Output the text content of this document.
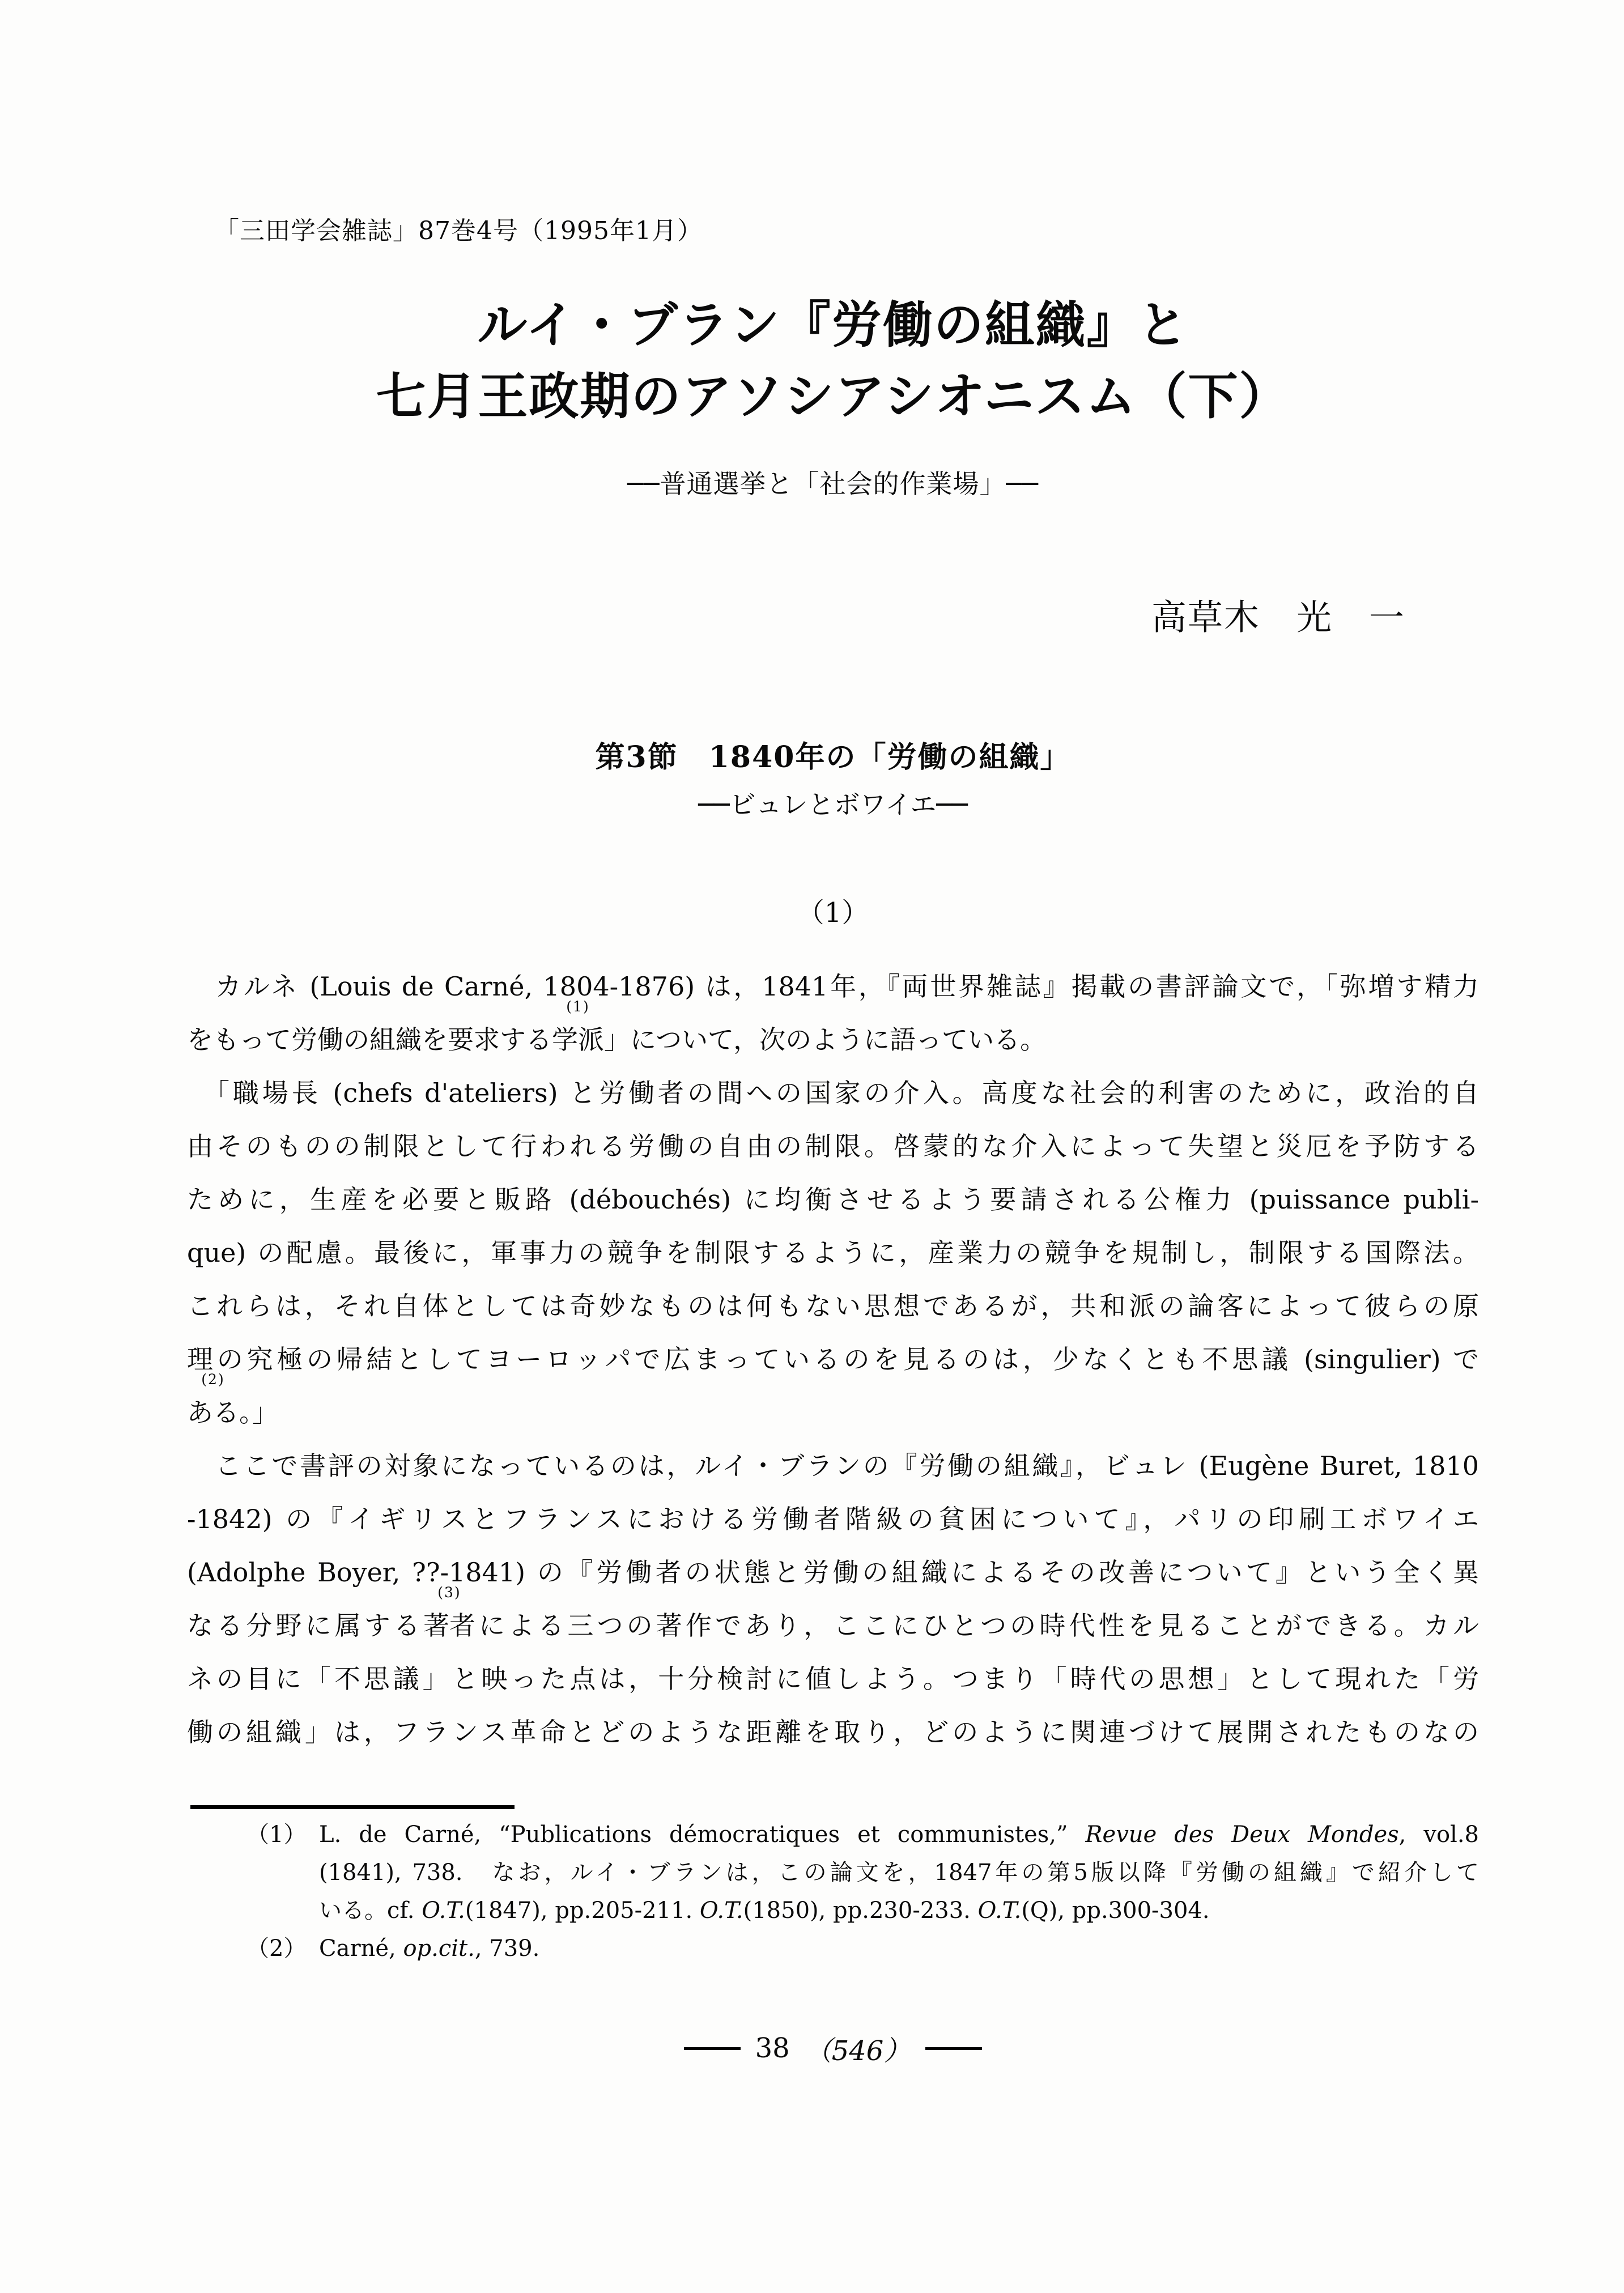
「三田学会雑誌」87巻4号（1995年1月）
ルイ・ブラン『労働の組織』と
七月王政期のアソシアシオニスム（下）
──普通選挙と「社会的作業場」──
高草木　光　一
第3節　1840年の「労働の組織」
──ビュレとボワイエ──
（1）
　カルネ (Louis de Carné, 1804-1876) は，1841年，『両世界雑誌』掲載の書評論文で，「弥増す精力
をもって労働の組織を要求する学派
(1)
」について，次のように語っている。
 「職場長 (chefs d'ateliers) と労働者の間への国家の介入。高度な社会的利害のために，政治的自
由そのものの制限として行われる労働の自由の制限。啓蒙的な介入によって失望と災厄を予防する
ために，生産を必要と販路 (débouchés) に均衡させるよう要請される公権力 (puissance publi-
que) の配慮。最後に，軍事力の競争を制限するように，産業力の競争を規制し，制限する国際法。
これらは，それ自体としては奇妙なものは何もない思想であるが，共和派の論客によって彼らの原
理の究極の帰結としてヨーロッパで広まっているのを見るのは，少なくとも不思議 (singulier) で
ある
(2)
。」
　ここで書評の対象になっているのは，ルイ・ブランの『労働の組織』，ビュレ (Eugène Buret, 1810
-1842) の『イギリスとフランスにおける労働者階級の貧困について』，パリの印刷工ボワイエ
(Adolphe Boyer, ??-1841) の『労働者の状態と労働の組織によるその改善について』という全く異
なる分野に属する著者
(3)
による三つの著作であり，ここにひとつの時代性を見ることができる。カル
ネの目に「不思議」と映った点は，十分検討に値しよう。つまり「時代の思想」として現れた「労
働の組織」は，フランス革命とどのような距離を取り，どのように関連づけて展開されたものなの
（1） L. de Carné, “Publications démocratiques et communistes,” Revue des Deux Mondes, vol.8
(1841), 738.　なお，ルイ・ブランは，この論文を，1847年の第5版以降『労働の組織』で紹介して
いる。cf. O.T.(1847), pp.205-211. O.T.(1850), pp.230-233. O.T.(Q), pp.300-304.
（2） Carné, op.cit., 739.
38 （546）
